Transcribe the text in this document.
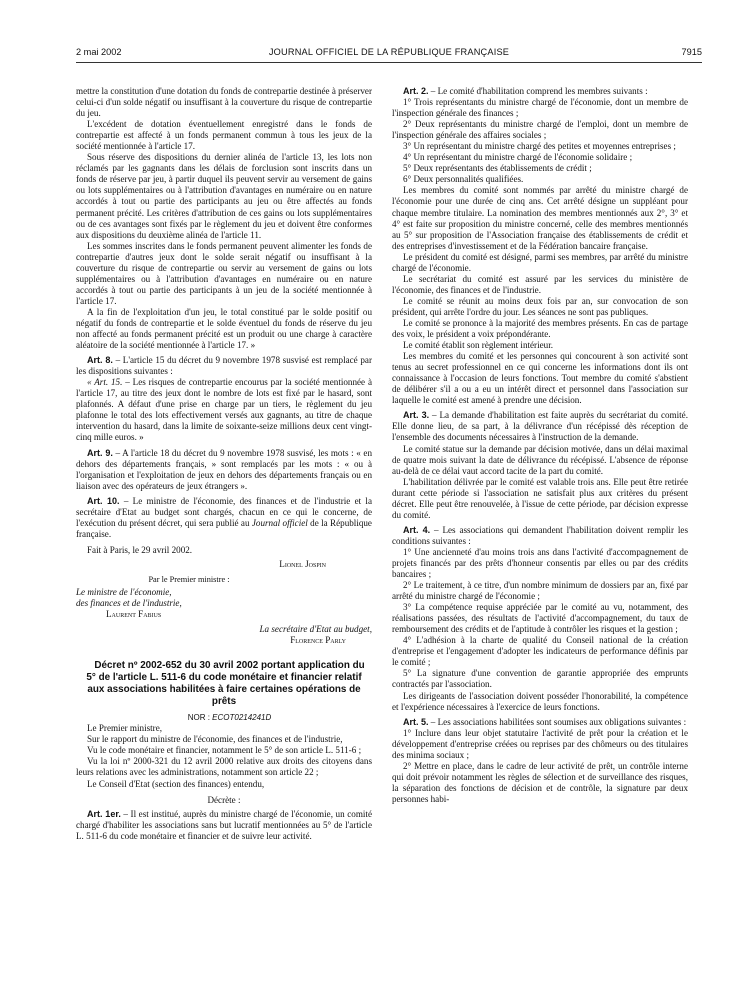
2 mai 2002	JOURNAL OFFICIEL DE LA RÉPUBLIQUE FRANÇAISE	7915

mettre la constitution d'une dotation du fonds de contrepartie destinée à préserver celui-ci d'un solde négatif ou insuffisant à la couverture du risque de contrepartie du jeu.

L'excédent de dotation éventuellement enregistré dans le fonds de contrepartie est affecté à un fonds permanent commun à tous les jeux de la société mentionnée à l'article 17.

Sous réserve des dispositions du dernier alinéa de l'article 13, les lots non réclamés par les gagnants dans les délais de forclusion sont inscrits dans un fonds de réserve par jeu, à partir duquel ils peuvent servir au versement de gains ou lots supplémentaires ou à l'attribution d'avantages en numéraire ou en nature accordés à tout ou partie des participants au jeu ou être affectés au fonds permanent précité. Les critères d'attribution de ces gains ou lots supplémentaires ou de ces avantages sont fixés par le règlement du jeu et doivent être conformes aux dispositions du deuxième alinéa de l'article 11.

Les sommes inscrites dans le fonds permanent peuvent alimenter les fonds de contrepartie d'autres jeux dont le solde serait négatif ou insuffisant à la couverture du risque de contrepartie ou servir au versement de gains ou lots supplémentaires ou à l'attribution d'avantages en numéraire ou en nature accordés à tout ou partie des participants à un jeu de la société mentionnée à l'article 17.

A la fin de l'exploitation d'un jeu, le total constitué par le solde positif ou négatif du fonds de contrepartie et le solde éventuel du fonds de réserve du jeu non affecté au fonds permanent précité est un produit ou une charge à caractère aléatoire de la société mentionnée à l'article 17. »

Art. 8. – L'article 15 du décret du 9 novembre 1978 susvisé est remplacé par les dispositions suivantes :

« Art. 15. – Les risques de contrepartie encourus par la société mentionnée à l'article 17, au titre des jeux dont le nombre de lots est fixé par le hasard, sont plafonnés. A défaut d'une prise en charge par un tiers, le règlement du jeu plafonne le total des lots effectivement versés aux gagnants, au titre de chaque intervention du hasard, dans la limite de soixante-seize millions deux cent vingt-cinq mille euros. »

Art. 9. – A l'article 18 du décret du 9 novembre 1978 susvisé, les mots : « en dehors des départements français, » sont remplacés par les mots : « ou à l'organisation et l'exploitation de jeux en dehors des départements français ou en liaison avec des opérateurs de jeux étrangers ».

Art. 10. – Le ministre de l'économie, des finances et de l'industrie et la secrétaire d'Etat au budget sont chargés, chacun en ce qui le concerne, de l'exécution du présent décret, qui sera publié au Journal officiel de la République française.

Fait à Paris, le 29 avril 2002.

Lionel Jospin

Par le Premier ministre :

Le ministre de l'économie,

des finances et de l'industrie,

Laurent Fabius

La secrétaire d'Etat au budget,

Florence Parly

Décret nº 2002-652 du 30 avril 2002 portant application du 5° de l'article L. 511-6 du code monétaire et financier relatif aux associations habilitées à faire certaines opérations de prêts

NOR : ECOT0214241D

Le Premier ministre,

Sur le rapport du ministre de l'économie, des finances et de l'industrie,

Vu le code monétaire et financier, notamment le 5° de son article L. 511-6 ;

Vu la loi nº 2000-321 du 12 avril 2000 relative aux droits des citoyens dans leurs relations avec les administrations, notamment son article 22 ;

Le Conseil d'Etat (section des finances) entendu,

Décrète :

Art. 1er. – Il est institué, auprès du ministre chargé de l'économie, un comité chargé d'habiliter les associations sans but lucratif mentionnées au 5° de l'article L. 511-6 du code monétaire et financier et de suivre leur activité.

Art. 2. – Le comité d'habilitation comprend les membres suivants :

1° Trois représentants du ministre chargé de l'économie, dont un membre de l'inspection générale des finances ;

2° Deux représentants du ministre chargé de l'emploi, dont un membre de l'inspection générale des affaires sociales ;

3° Un représentant du ministre chargé des petites et moyennes entreprises ;

4° Un représentant du ministre chargé de l'économie solidaire ;

5° Deux représentants des établissements de crédit ;

6° Deux personnalités qualifiées.

Les membres du comité sont nommés par arrêté du ministre chargé de l'économie pour une durée de cinq ans. Cet arrêté désigne un suppléant pour chaque membre titulaire. La nomination des membres mentionnés aux 2°, 3° et 4° est faite sur proposition du ministre concerné, celle des membres mentionnés au 5° sur proposition de l'Association française des établissements de crédit et des entreprises d'investissement et de la Fédération bancaire française.

Le président du comité est désigné, parmi ses membres, par arrêté du ministre chargé de l'économie.

Le secrétariat du comité est assuré par les services du ministère de l'économie, des finances et de l'industrie.

Le comité se réunit au moins deux fois par an, sur convocation de son président, qui arrête l'ordre du jour. Les séances ne sont pas publiques.

Le comité se prononce à la majorité des membres présents. En cas de partage des voix, le président a voix prépondérante.

Le comité établit son règlement intérieur.

Les membres du comité et les personnes qui concourent à son activité sont tenus au secret professionnel en ce qui concerne les informations dont ils ont connaissance à l'occasion de leurs fonctions. Tout membre du comité s'abstient de délibérer s'il a ou a eu un intérêt direct et personnel dans l'association sur laquelle le comité est amené à prendre une décision.

Art. 3. – La demande d'habilitation est faite auprès du secrétariat du comité. Elle donne lieu, de sa part, à la délivrance d'un récépissé dès réception de l'ensemble des documents nécessaires à l'instruction de la demande.

Le comité statue sur la demande par décision motivée, dans un délai maximal de quatre mois suivant la date de délivrance du récépissé. L'absence de réponse au-delà de ce délai vaut accord tacite de la part du comité.

L'habilitation délivrée par le comité est valable trois ans. Elle peut être retirée durant cette période si l'association ne satisfait plus aux critères du présent décret. Elle peut être renouvelée, à l'issue de cette période, par décision expresse du comité.

Art. 4. – Les associations qui demandent l'habilitation doivent remplir les conditions suivantes :

1° Une ancienneté d'au moins trois ans dans l'activité d'accompagnement de projets financés par des prêts d'honneur consentis par elles ou par des crédits bancaires ;

2° Le traitement, à ce titre, d'un nombre minimum de dossiers par an, fixé par arrêté du ministre chargé de l'économie ;

3° La compétence requise appréciée par le comité au vu, notamment, des réalisations passées, des résultats de l'activité d'accompagnement, du taux de remboursement des crédits et de l'aptitude à contrôler les risques et la gestion ;

4° L'adhésion à la charte de qualité du Conseil national de la création d'entreprise et l'engagement d'adopter les indicateurs de performance définis par le comité ;

5° La signature d'une convention de garantie appropriée des emprunts contractés par l'association.

Les dirigeants de l'association doivent posséder l'honorabilité, la compétence et l'expérience nécessaires à l'exercice de leurs fonctions.

Art. 5. – Les associations habilitées sont soumises aux obligations suivantes :

1° Inclure dans leur objet statutaire l'activité de prêt pour la création et le développement d'entreprise créées ou reprises par des chômeurs ou des titulaires des minima sociaux ;

2° Mettre en place, dans le cadre de leur activité de prêt, un contrôle interne qui doit prévoir notamment les règles de sélection et de surveillance des risques, la séparation des fonctions de décision et de contrôle, la signature par deux personnes habi-
